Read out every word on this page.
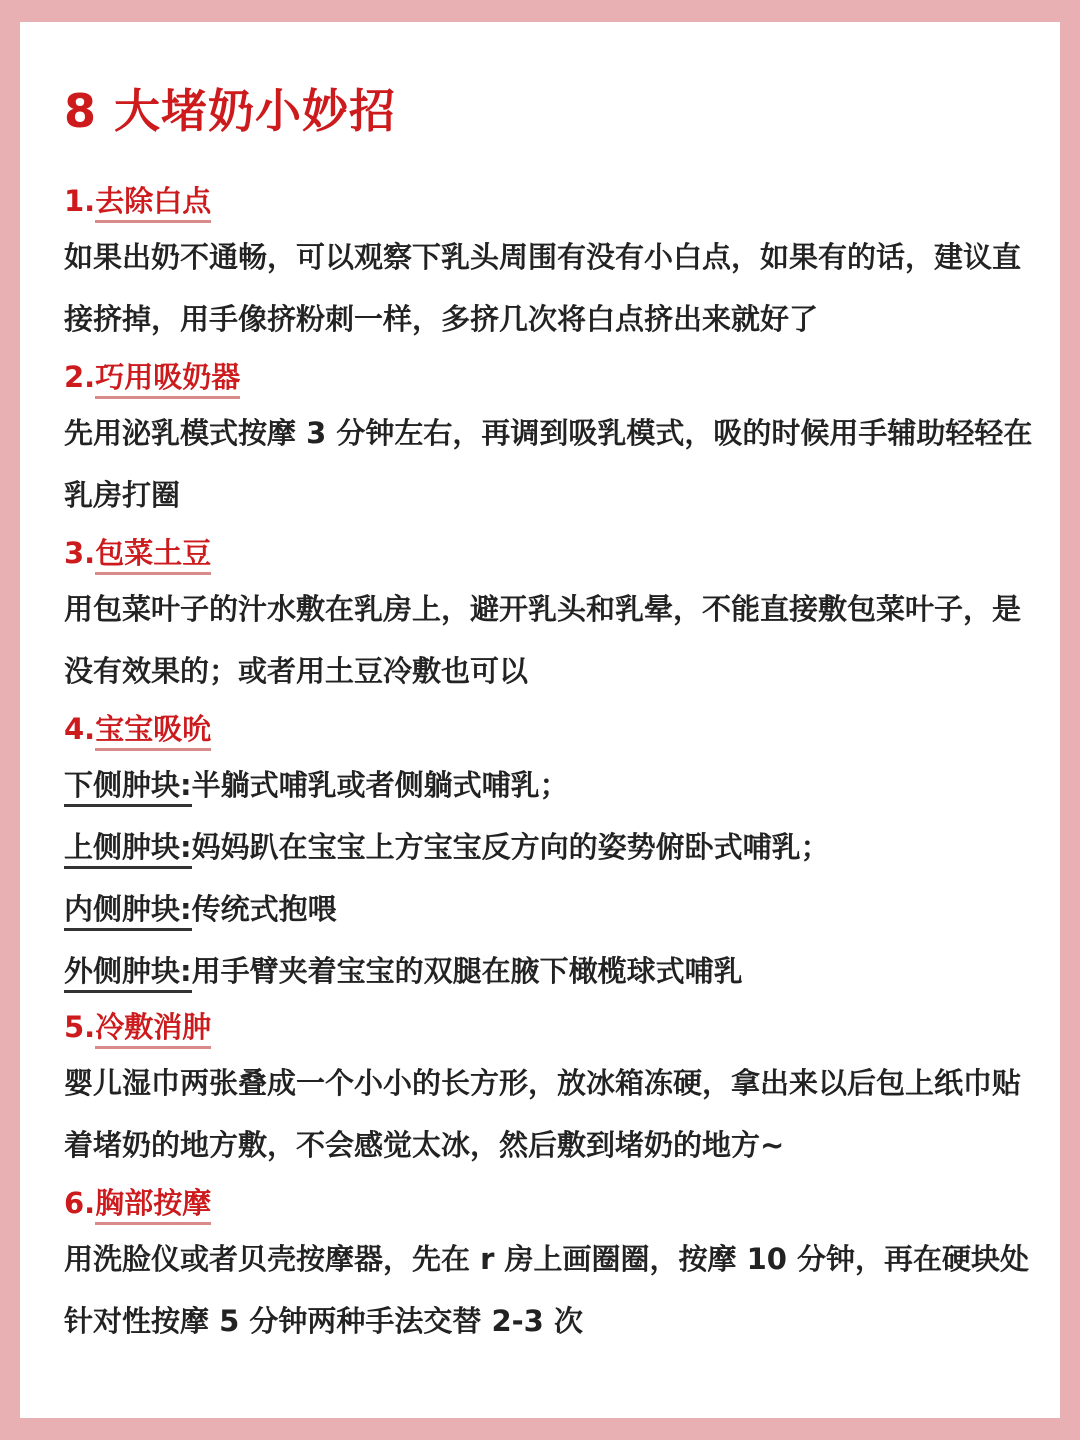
8 大堵奶小妙招
1.去除白点

如果出奶不通畅，可以观察下乳头周围有没有小白点，如果有的话，建议直接挤掉，用手像挤粉刺一样，多挤几次将白点挤出来就好了

2.巧用吸奶器

先用泌乳模式按摩 3 分钟左右，再调到吸乳模式，吸的时候用手辅助轻轻在乳房打圈

3.包菜土豆

用包菜叶子的汁水敷在乳房上，避开乳头和乳晕，不能直接敷包菜叶子，是没有效果的；或者用土豆冷敷也可以

4.宝宝吸吮

下侧肿块:半躺式哺乳或者侧躺式哺乳；

上侧肿块:妈妈趴在宝宝上方宝宝反方向的姿势俯卧式哺乳；

内侧肿块:传统式抱喂

外侧肿块:用手臂夹着宝宝的双腿在腋下橄榄球式哺乳

5.冷敷消肿

婴儿湿巾两张叠成一个小小的长方形，放冰箱冻硬，拿出来以后包上纸巾贴着堵奶的地方敷，不会感觉太冰，然后敷到堵奶的地方~

6.胸部按摩

用洗脸仪或者贝壳按摩器，先在 r 房上画圈圈，按摩 10 分钟，再在硬块处针对性按摩 5 分钟两种手法交替 2-3 次
